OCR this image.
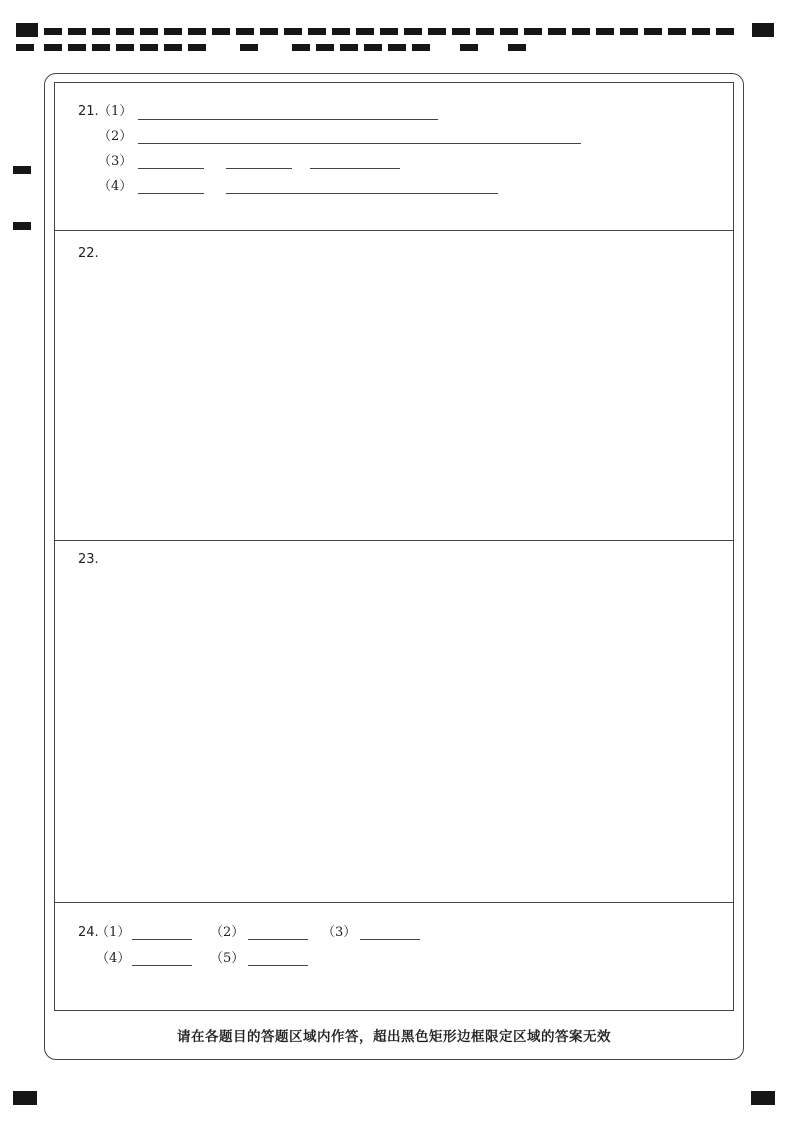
21. （1）
（2）
（3）
（4）
22.
23.
24.
（1）	（2）	（3）
（4）	（5）
请在各题目的答题区域内作答，超出黑色矩形边框限定区域的答案无效
